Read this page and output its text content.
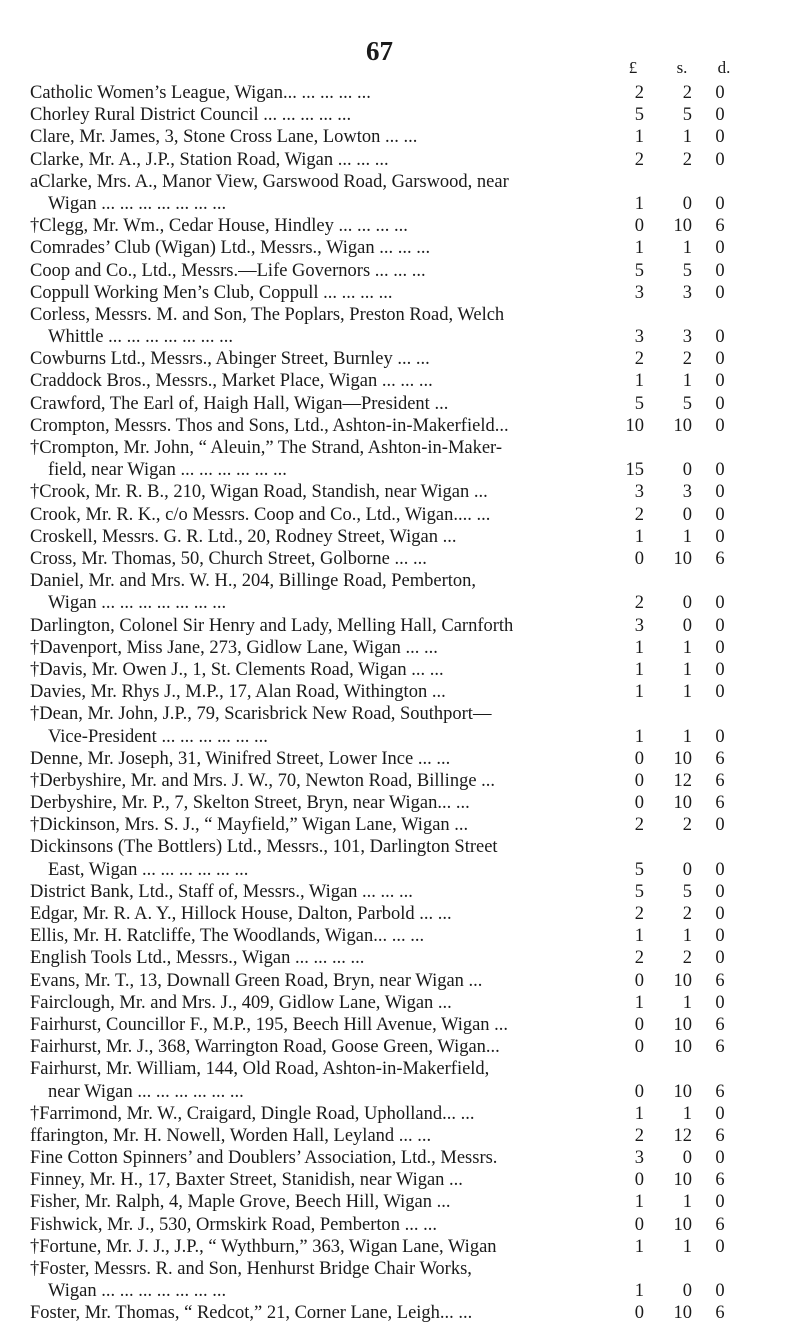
67
£	s.	d.
Catholic Women’s League, Wigan... ... ... ... ...	2	2	0
Chorley Rural District Council ... ... ... ... ...	5	5	0
Clare, Mr. James, 3, Stone Cross Lane, Lowton ... ...	1	1	0
Clarke, Mr. A., J.P., Station Road, Wigan ... ... ...	2	2	0
aClarke, Mrs. A., Manor View, Garswood Road, Garswood, near
Wigan ... ... ... ... ... ... ...	1	0	0
†Clegg, Mr. Wm., Cedar House, Hindley ... ... ... ...	0	10	6
Comrades’ Club (Wigan) Ltd., Messrs., Wigan ... ... ...	1	1	0
Coop and Co., Ltd., Messrs.—Life Governors ... ... ...	5	5	0
Coppull Working Men’s Club, Coppull ... ... ... ...	3	3	0
Corless, Messrs. M. and Son, The Poplars, Preston Road, Welch
Whittle ... ... ... ... ... ... ...	3	3	0
Cowburns Ltd., Messrs., Abinger Street, Burnley ... ...	2	2	0
Craddock Bros., Messrs., Market Place, Wigan ... ... ...	1	1	0
Crawford, The Earl of, Haigh Hall, Wigan—President ...	5	5	0
Crompton, Messrs. Thos and Sons, Ltd., Ashton-in-Makerfield...	10	10	0
†Crompton, Mr. John, “ Aleuin,” The Strand, Ashton-in-Maker-
field, near Wigan ... ... ... ... ... ...	15	0	0
†Crook, Mr. R. B., 210, Wigan Road, Standish, near Wigan ...	3	3	0
Crook, Mr. R. K., c/o Messrs. Coop and Co., Ltd., Wigan.... ...	2	0	0
Croskell, Messrs. G. R. Ltd., 20, Rodney Street, Wigan ...	1	1	0
Cross, Mr. Thomas, 50, Church Street, Golborne ... ...	0	10	6
Daniel, Mr. and Mrs. W. H., 204, Billinge Road, Pemberton,
Wigan ... ... ... ... ... ... ...	2	0	0
Darlington, Colonel Sir Henry and Lady, Melling Hall, Carnforth	3	0	0
†Davenport, Miss Jane, 273, Gidlow Lane, Wigan ... ...	1	1	0
†Davis, Mr. Owen J., 1, St. Clements Road, Wigan ... ...	1	1	0
Davies, Mr. Rhys J., M.P., 17, Alan Road, Withington ...	1	1	0
†Dean, Mr. John, J.P., 79, Scarisbrick New Road, Southport—
Vice-President ... ... ... ... ... ...	1	1	0
Denne, Mr. Joseph, 31, Winifred Street, Lower Ince ... ...	0	10	6
†Derbyshire, Mr. and Mrs. J. W., 70, Newton Road, Billinge ...	0	12	6
Derbyshire, Mr. P., 7, Skelton Street, Bryn, near Wigan... ...	0	10	6
†Dickinson, Mrs. S. J., “ Mayfield,” Wigan Lane, Wigan ...	2	2	0
Dickinsons (The Bottlers) Ltd., Messrs., 101, Darlington Street
East, Wigan ... ... ... ... ... ...	5	0	0
District Bank, Ltd., Staff of, Messrs., Wigan ... ... ...	5	5	0
Edgar, Mr. R. A. Y., Hillock House, Dalton, Parbold ... ...	2	2	0
Ellis, Mr. H. Ratcliffe, The Woodlands, Wigan... ... ...	1	1	0
English Tools Ltd., Messrs., Wigan ... ... ... ...	2	2	0
Evans, Mr. T., 13, Downall Green Road, Bryn, near Wigan ...	0	10	6
Fairclough, Mr. and Mrs. J., 409, Gidlow Lane, Wigan ...	1	1	0
Fairhurst, Councillor F., M.P., 195, Beech Hill Avenue, Wigan ...	0	10	6
Fairhurst, Mr. J., 368, Warrington Road, Goose Green, Wigan...	0	10	6
Fairhurst, Mr. William, 144, Old Road, Ashton-in-Makerfield,
near Wigan ... ... ... ... ... ...	0	10	6
†Farrimond, Mr. W., Craigard, Dingle Road, Upholland... ...	1	1	0
ffarington, Mr. H. Nowell, Worden Hall, Leyland ... ...	2	12	6
Fine Cotton Spinners’ and Doublers’ Association, Ltd., Messrs.	3	0	0
Finney, Mr. H., 17, Baxter Street, Stanidish, near Wigan ...	0	10	6
Fisher, Mr. Ralph, 4, Maple Grove, Beech Hill, Wigan ...	1	1	0
Fishwick, Mr. J., 530, Ormskirk Road, Pemberton ... ...	0	10	6
†Fortune, Mr. J. J., J.P., “ Wythburn,” 363, Wigan Lane, Wigan	1	1	0
†Foster, Messrs. R. and Son, Henhurst Bridge Chair Works,
Wigan ... ... ... ... ... ... ...	1	0	0
Foster, Mr. Thomas, “ Redcot,” 21, Corner Lane, Leigh... ...	0	10	6
